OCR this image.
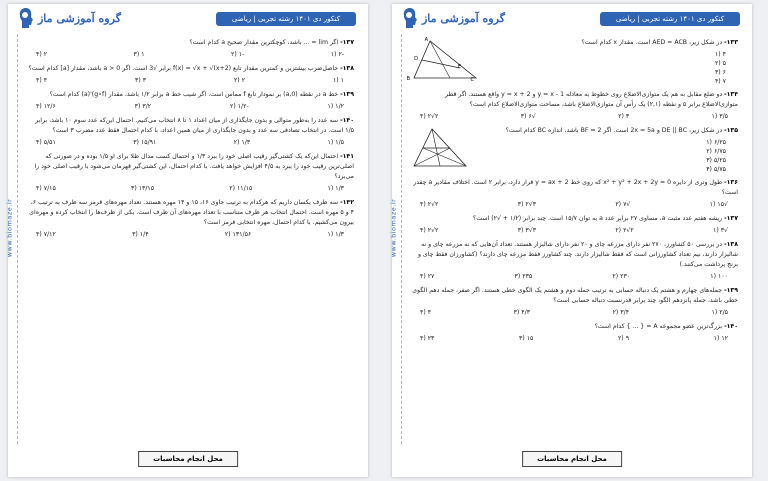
گروه آموزشی ماز	کنکور دی ۱۴۰۱ رشته تجربی | ریاضی
www.biomaze.ir
۱۳۷-اگر lim = ... باشد، کوچکترین مقدار صحیح a کدام است؟
-۲ (۱
-۱ (۲
۱ (۳
۲ (۴
۱۳۸-حاصل‌ضرب بیشترین و کمترین مقدار تابع f(x) = √x + √(x+2) برابر √3 است. اگر a > 0 باشد، مقدار [a] کدام است؟
۱ (۱
۲ (۲
۳ (۳
۴ (۴
۱۳۹-خط a در نقطه (a,0) بر نمودار تابع f مماس است. اگر شیب خط a برابر ۱/۲ باشد، مقدار (g∘f)'(a) کدام است؟
۱/۲ (۱
-۱/۲ (۲
۳/۲ (۳
۱۲/۶ (۴
۱۴۰-سه عدد را به‌طور متوالی و بدون جایگذاری از میان اعداد ۱ تا ۸ انتخاب می‌کنیم. احتمال این‌که عدد سوم ۱۰ باشد، برابر ۱/۵ است. در انتخاب تصادفی سه عدد و بدون جایگذاری از میان همین اعداد، با کدام احتمال فقط عدد مضرب ۳ است؟
۱/۵ (۱
۱/۳ (۲
۱۵/۹۱ (۳
۵/۵۱ (۴
۱۴۱-احتمال این‌که یک کشتی‌گیر رقیب اصلی خود را ببرد ۱/۳ و احتمال کسب مدال طلا برای او ۱/۵ بوده و در صورتی که اصلی‌ترین رقیب خود را ببرد به ۴/۵ افزایش خواهد یافت. با کدام احتمال، این کشتی‌گیر قهرمان می‌شود با رقیب اصلی خود را می‌برد؟
۱/۳ (۱
۱۱/۱۵ (۲
۱۳/۱۵ (۳
۷/۱۵ (۴
۱۴۲-سه ظرف یکسان داریم که هرکدام به ترتیب حاوی ۱۶، ۱۵ و ۱۴ مهره هستند. تعداد مهره‌های قرمز سه ظرف به ترتیب ۶، ۴ و ۵ مهره است. احتمال انتخاب هر ظرف متناسب با تعداد مهره‌های آن ظرف است. یکی از ظرف‌ها را انتخاب کرده و مهره‌ای بیرون می‌کشیم. با کدام احتمال، مهره انتخابی قرمز است؟
۱/۳ (۱
۱۳۱/۵۶ (۲
۱/۴ (۳
۷/۱۲ (۴
محل انجام محاسبات
گروه آموزشی ماز	کنکور دی ۱۴۰۱ رشته تجربی | ریاضی
www.biomaze.ir
A
B	C
D
E
۱۳۳-در شکل زیر، AED = ACB است. مقدار x کدام است؟
۴ (۱
۵ (۲
۶ (۳
۷ (۴
۱۳۴-دو ضلع مقابل به هم یک متوازی‌الاضلاع روی خطوط به معادله y = x - 1 و y = x + 2 واقع هستند. اگر قطر متوازی‌الاضلاع برابر ۵ و نقطه (۲,۱) یک رأس آن متوازی‌الاضلاع باشد، مساحت متوازی‌الاضلاع کدام است؟
۳/۵ (۱
۳ (۲
√۶ (۳
۲√۲ (۴
۱۳۵-در شکل زیر، DE || BC و 2x = 5a است. اگر BF = 2 باشد، اندازه BC کدام است؟
۶/۲۵ (۱
۶/۷۵ (۲
۵/۲۵ (۳
۵/۷۵ (۴
۱۳۶-طول وتری از دایره x² + y² + 2x + 2y = 0 که روی خط y = ax + 2 قرار دارد، برابر ۲ است. اختلاف مقادیر a چقدر است؟
√۱۵ (۱
√۷ (۲
۳√۲ (۳
۲√۲ (۴
۱۳۷-ریشه هفتم عدد مثبت a، مساوی ۲۷ برابر عدد a به توان ۱۵/۷ است. چند برابر (۱/۲ + √۲) است؟
√۳ (۱
۲√۲ (۲
۳√۳ (۳
۲√۲ (۴
۱۳۸-در بررسی ۵۰ کشاورز، ۲۷۰ نفر دارای مزرعه چای و ۲۰ نفر دارای شالیزار هستند. تعداد آن‌هایی که نه مزرعه چای و نه شالیزار دارند، نیم تعداد کشاورزانی است که فقط شالیزار دارند. چند کشاورز فقط مزرعه چای دارند؟ (کشاورزان فقط چای و برنج پرداشت می‌کنند.)
۱۰۰ (۱
۲۳۰ (۲
۲۳۵ (۳
۲۷ (۴
۱۳۹-جمله‌های چهارم و هشتم یک دنباله حسابی به ترتیب جمله دوم و هشتم یک الگوی خطی هستند. اگر صفر، جمله دهم الگوی خطی باشد، جمله پانزدهم الگو، چند برابر قدرنسبت دنباله حسابی است؟
۲/۵ (۱
۳/۴ (۲
۴/۳ (۳
۴ (۴
۱۴۰-بزرگ‌ترین عضو مجموعه A = { ... } کدام است؟
۱۲ (۱
۹ (۲
۱۵ (۳
۲۳ (۴
محل انجام محاسبات
